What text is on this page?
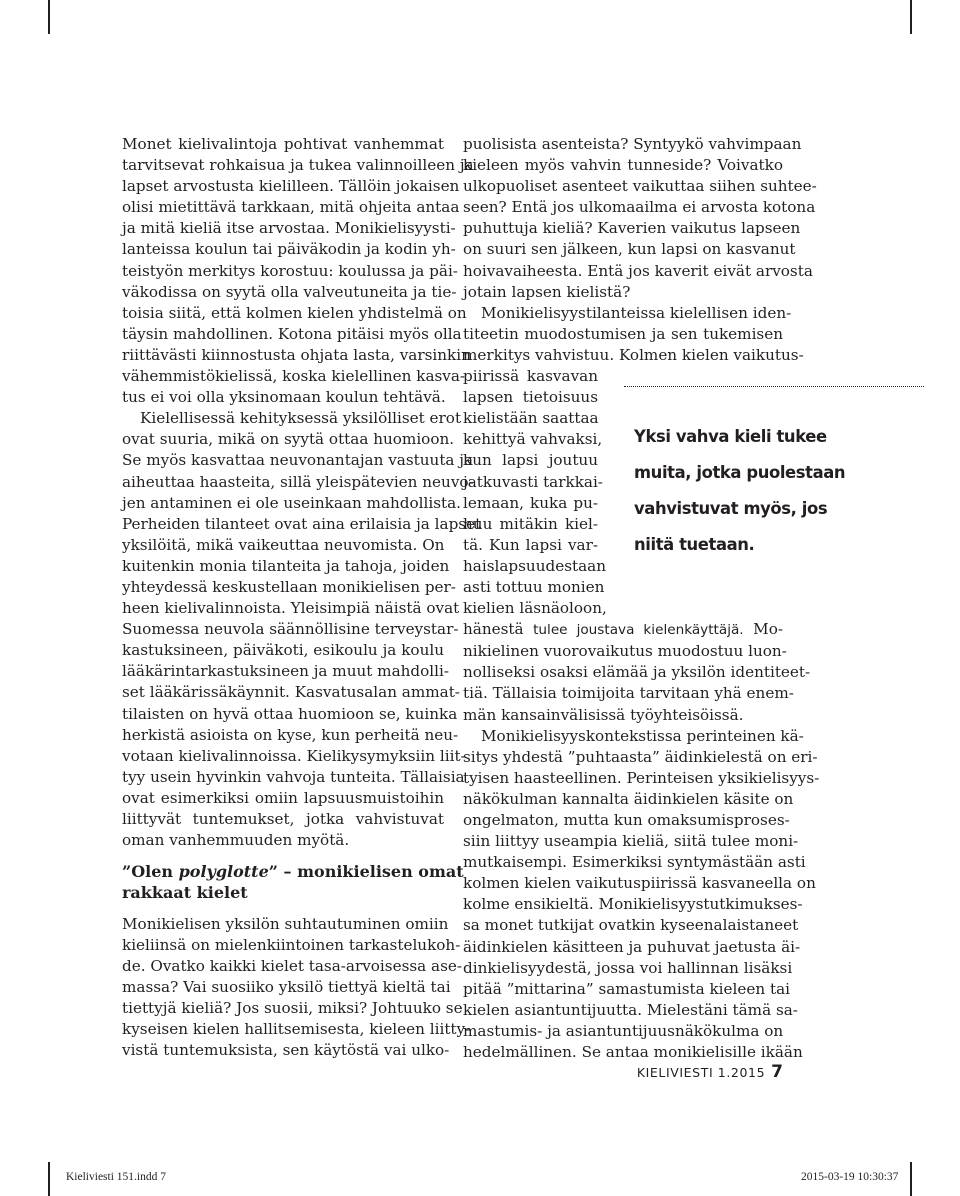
Monet kielivalintoja pohtivat vanhemmat
tarvitsevat rohkaisua ja tukea valinnoilleen ja
lapset arvostusta kielilleen. Tällöin jokaisen
olisi mietittävä tarkkaan, mitä ohjeita antaa
ja mitä kieliä itse arvostaa. Monikielisyysti-
lanteissa koulun tai päiväkodin ja kodin yh-
teistyön merkitys korostuu: koulussa ja päi-
väkodissa on syytä olla valveutuneita ja tie-
toisia siitä, että kolmen kielen yhdistelmä on
täysin mahdollinen. Kotona pitäisi myös olla
riittävästi kiinnostusta ohjata lasta, varsinkin
vähemmistökielissä, koska kielellinen kasva-
tus ei voi olla yksinomaan koulun tehtävä.

Kielellisessä kehityksessä yksilölliset erot
ovat suuria, mikä on syytä ottaa huomioon.
Se myös kasvattaa neuvonantajan vastuuta ja
aiheuttaa haasteita, sillä yleispätevien neuvo-
jen antaminen ei ole useinkaan mahdollista.
Perheiden tilanteet ovat aina erilaisia ja lapset
yksilöitä, mikä vaikeuttaa neuvomista. On
kuitenkin monia tilanteita ja tahoja, joiden
yhteydessä keskustellaan monikielisen per-
heen kielivalinnoista. Yleisimpiä näistä ovat
Suomessa neuvola säännöllisine terveystar-
kastuksineen, päiväkoti, esikoulu ja koulu
lääkärintarkastuksineen ja muut mahdolli-
set lääkärissäkäynnit. Kasvatusalan ammat-
tilaisten on hyvä ottaa huomioon se, kuinka
herkistä asioista on kyse, kun perheitä neu-
votaan kielivalinnoissa. Kielikysymyksiin liit-
tyy usein hyvinkin vahvoja tunteita. Tällaisia
ovat esimerkiksi omiin lapsuusmuistoihin
liittyvät tuntemukset, jotka vahvistuvat
oman vanhemmuuden myötä.

”Olen polyglotte” – monikielisen omat
rakkaat kielet

Monikielisen yksilön suhtautuminen omiin
kieliinsä on mielenkiintoinen tarkastelukoh-
de. Ovatko kaikki kielet tasa-arvoisessa ase-
massa? Vai suosiiko yksilö tiettyä kieltä tai
tiettyjä kieliä? Jos suosii, miksi? Johtuuko se
kyseisen kielen hallitsemisesta, kieleen liitty-
vistä tuntemuksista, sen käytöstä vai ulko-

puolisista asenteista? Syntyykö vahvimpaan
kieleen myös vahvin tunneside? Voivatko
ulkopuoliset asenteet vaikuttaa siihen suhtee-
seen? Entä jos ulkomaailma ei arvosta kotona
puhuttuja kieliä? Kaverien vaikutus lapseen
on suuri sen jälkeen, kun lapsi on kasvanut
hoivavaiheesta. Entä jos kaverit eivät arvosta
jotain lapsen kielistä?

Monikielisyystilanteissa kielellisen iden-
titeetin muodostumisen ja sen tukemisen
merkitys vahvistuu. Kolmen kielen vaikutus-

piirissä kasvavan
lapsen tietoisuus
kielistään saattaa
kehittyä vahvaksi,
kun lapsi joutuu
jatkuvasti tarkkai-
lemaan, kuka pu-
huu mitäkin kiel-
tä. Kun lapsi var-
haislapsuudestaan
asti tottuu monien
kielien läsnäoloon,

hänestä tulee joustava kielenkäyttäjä. Mo-

nikielinen vuorovaikutus muodostuu luon-
nolliseksi osaksi elämää ja yksilön identiteet-
tiä. Tällaisia toimijoita tarvitaan yhä enem-
män kansainvälisissä työyhteisöissä.

Monikielisyyskontekstissa perinteinen kä-
sitys yhdestä ”puhtaasta” äidinkielestä on eri-
tyisen haasteellinen. Perinteisen yksikielisyys-
näkökulman kannalta äidinkielen käsite on
ongelmaton, mutta kun omaksumisproses-
siin liittyy useampia kieliä, siitä tulee moni-
mutkaisempi. Esimerkiksi syntymästään asti
kolmen kielen vaikutuspiirissä kasvaneella on
kolme ensikieltä. Monikielisyystutkimukses-
sa monet tutkijat ovatkin kyseenalaistaneet
äidinkielen käsitteen ja puhuvat jaetusta äi-
dinkielisyydestä, jossa voi hallinnan lisäksi
pitää ”mittarina” samastumista kieleen tai
kielen asiantuntijuutta. Mielestäni tämä sa-
mastumis- ja asiantuntijuusnäkökulma on
hedelmällinen. Se antaa monikielisille ikään

Yksi vahva kieli tukee
muita, jotka puolestaan
vahvistuvat myös, jos
niitä tuetaan.
KIELIVIESTI 1.2015 7
Kieliviesti 151.indd 7	2015-03-19 10:30:37
